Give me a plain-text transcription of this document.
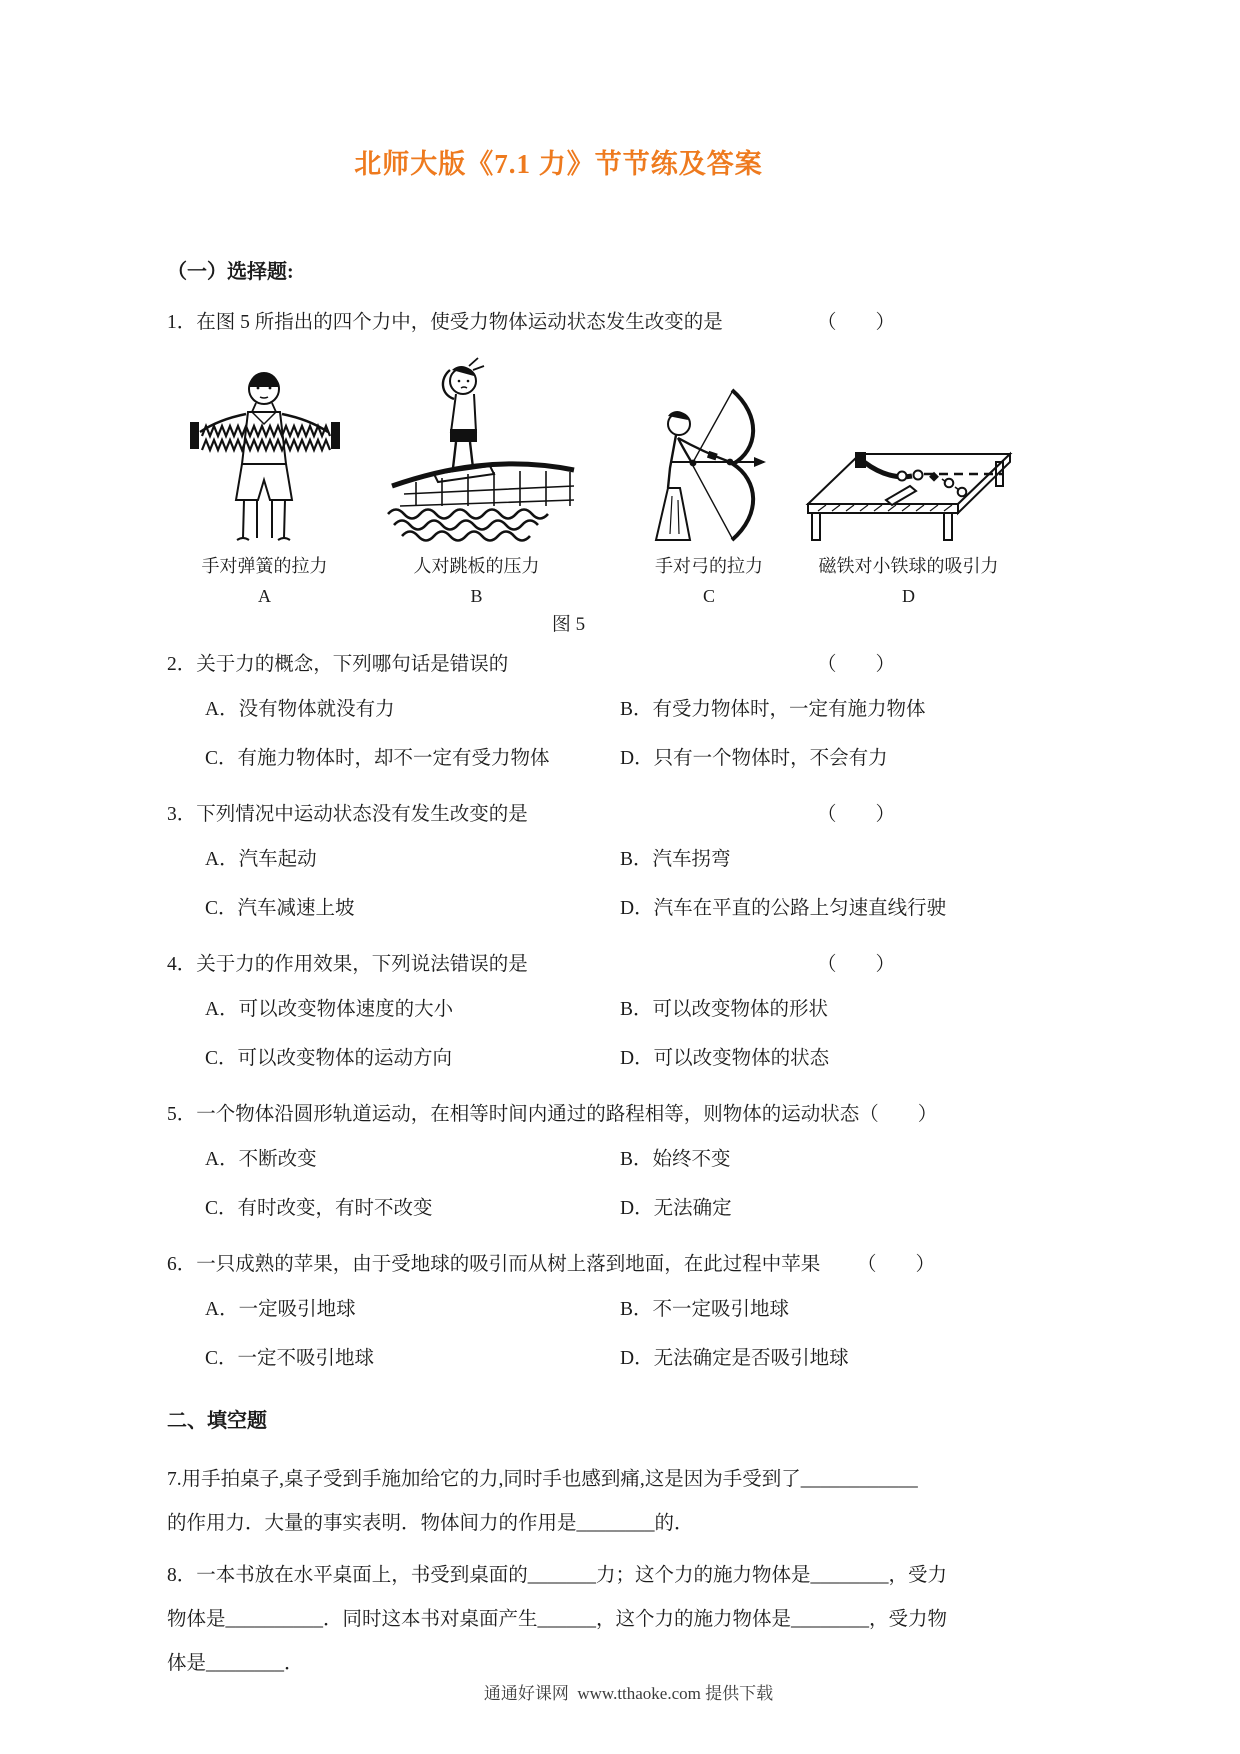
北师大版《7.1 力》节节练及答案
（一）选择题:
1．在图 5 所指出的四个力中，使受力物体运动状态发生改变的是	（　　）
手对弹簧的拉力
A
人对跳板的压力
B
手对弓的拉力
C
磁铁对小铁球的吸引力
D
图 5
2．关于力的概念，下列哪句话是错误的	（　　）
A．没有物体就没有力	B．有受力物体时，一定有施力物体
C．有施力物体时，却不一定有受力物体	D．只有一个物体时，不会有力
3．下列情况中运动状态没有发生改变的是	（　　）
A．汽车起动	B．汽车拐弯
C．汽车减速上坡	D．汽车在平直的公路上匀速直线行驶
4．关于力的作用效果，下列说法错误的是	（　　）
A．可以改变物体速度的大小	B．可以改变物体的形状
C．可以改变物体的运动方向	D．可以改变物体的状态
5．一个物体沿圆形轨道运动，在相等时间内通过的路程相等，则物体的运动状态 （　　）
A．不断改变	B．始终不变
C．有时改变，有时不改变	D．无法确定
6．一只成熟的苹果，由于受地球的吸引而从树上落到地面，在此过程中苹果 （　　）
A．一定吸引地球	B．不一定吸引地球
C．一定不吸引地球	D．无法确定是否吸引地球
二、填空题
7.用手拍桌子,桌子受到手施加给它的力,同时手也感到痛,这是因为手受到了____________
的作用力．大量的事实表明．物体间力的作用是________的．
8．一本书放在水平桌面上，书受到桌面的_______力；这个力的施力物体是________，受力
物体是__________．同时这本书对桌面产生______，这个力的施力物体是________，受力物
体是________．
通通好课网  www.tthaoke.com 提供下载
